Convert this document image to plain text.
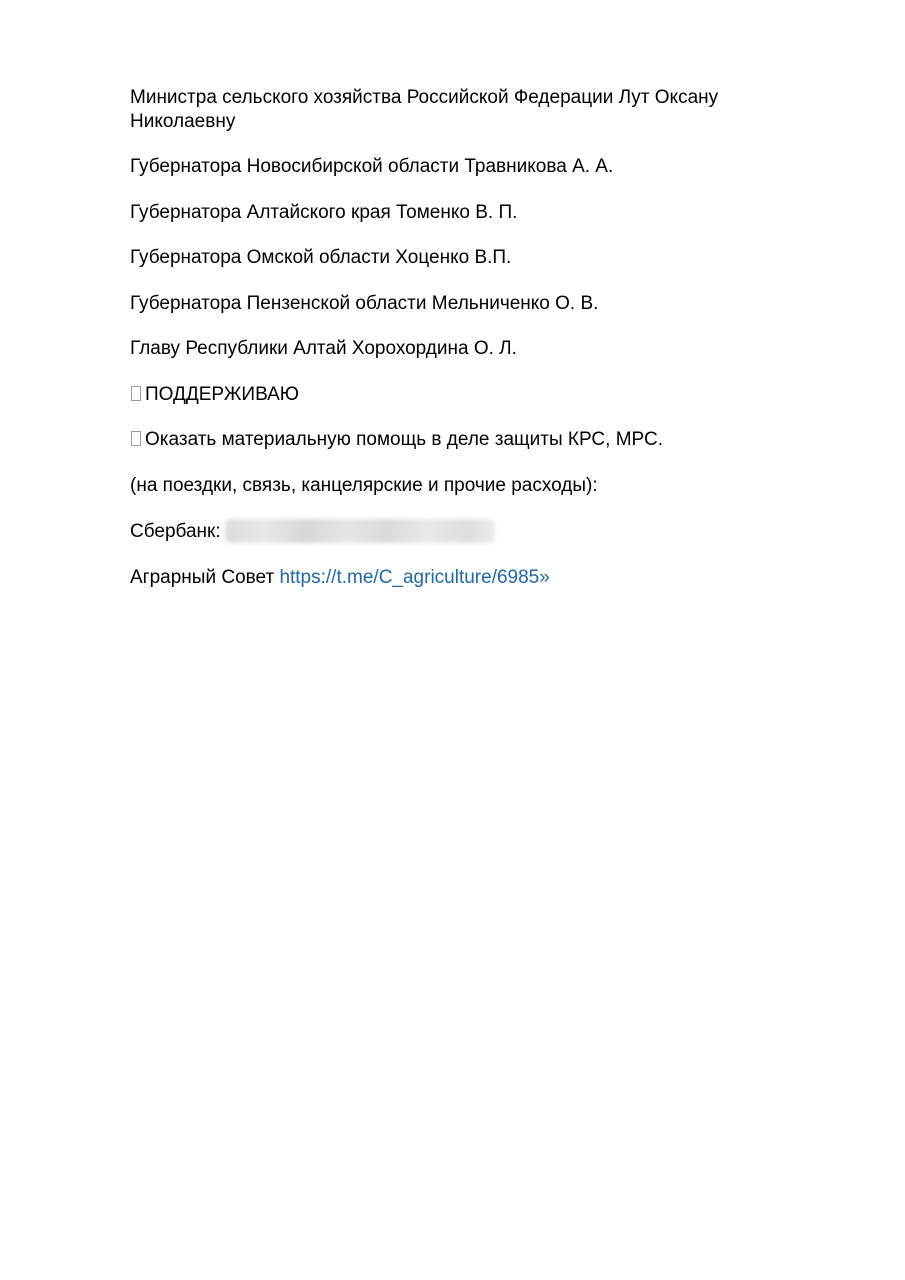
Министра сельского хозяйства Российской Федерации Лут Оксану Николаевну

Губернатора Новосибирской области Травникова А. А.

Губернатора Алтайского края Томенко В. П.

Губернатора Омской области Хоценко В.П.

Губернатора Пензенской области Мельниченко О. В.

Главу Республики Алтай Хорохордина О. Л.

ПОДДЕРЖИВАЮ

Оказать материальную помощь в деле защиты КРС, МРС.

(на поездки, связь, канцелярские и прочие расходы):

Сбербанк:

Аграрный Совет https://t.me/C_agriculture/6985»
